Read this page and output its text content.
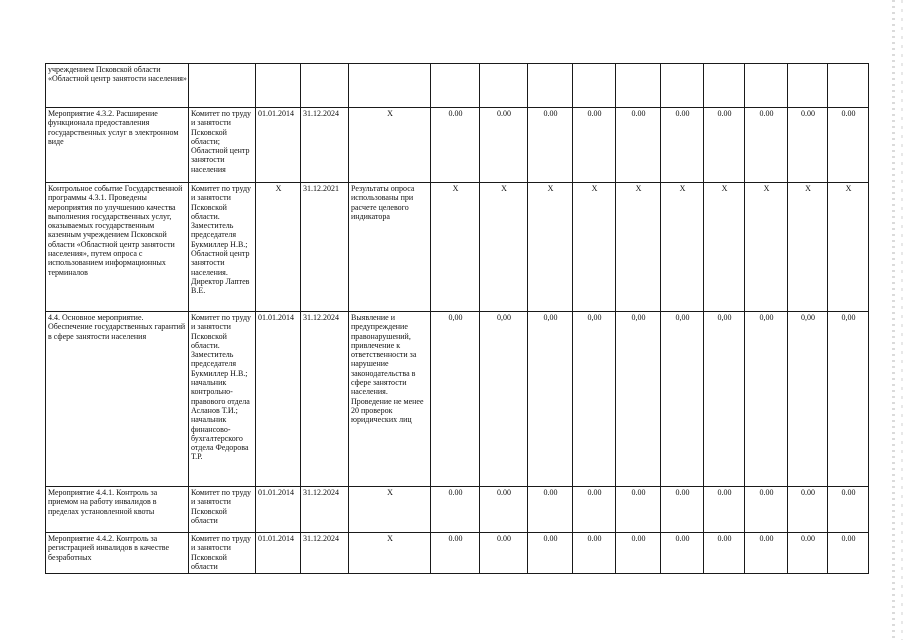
учреждением Псковской области «Областной центр занятости населения»														
Мероприятие 4.3.2. Расширение функционала предоставления государственных услуг в электронном виде	Комитет по труду и занятости Псковской области; Областной центр занятости населения	01.01.2014	31.12.2024	X	0.00	0.00	0.00	0.00	0.00	0.00	0.00	0.00	0.00	0.00
Контрольное событие Государственной программы 4.3.1. Проведены мероприятия по улучшению качества выполнения государственных услуг, оказываемых государственным казенным учреждением Псковской области «Областной центр занятости населения», путем опроса с использованием информационных терминалов	Комитет по труду и занятости Псковской области. Заместитель председателя Букмиллер Н.В.; Областной центр занятости населения. Директор Лаптев В.Е.	X	31.12.2021	Результаты опроса использованы при расчете целевого индикатора	X	X	X	X	X	X	X	X	X	X
4.4. Основное мероприятие. Обеспечение государственных гарантий в сфере занятости населения	Комитет по труду и занятости Псковской области. Заместитель председателя Букмиллер Н.В.; начальник контрольно-правового отдела Асланов Т.И.; начальник финансово-бухгалтерского отдела Федорова Т.Р.	01.01.2014	31.12.2024	Выявление и предупреждение правонарушений, привлечение к ответственности за нарушение законодательства в сфере занятости населения. Проведение не менее 20 проверок юридических лиц	0,00	0,00	0,00	0,00	0,00	0,00	0,00	0,00	0,00	0,00
Мероприятие 4.4.1. Контроль за приемом на работу инвалидов в пределах установленной квоты	Комитет по труду и занятости Псковской области	01.01.2014	31.12.2024	X	0.00	0.00	0.00	0.00	0.00	0.00	0.00	0.00	0.00	0.00
Мероприятие 4.4.2. Контроль за регистрацией инвалидов в качестве безработных	Комитет по труду и занятости Псковской области	01.01.2014	31.12.2024	X	0.00	0.00	0.00	0.00	0.00	0.00	0.00	0.00	0.00	0.00
